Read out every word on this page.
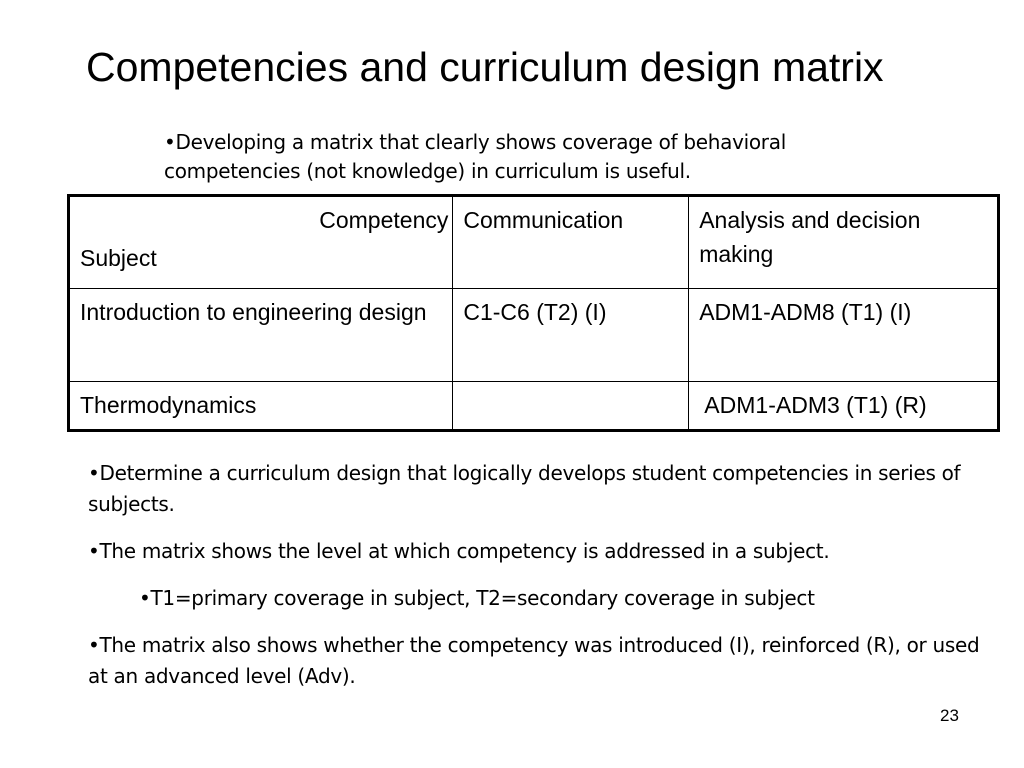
Competencies and curriculum design matrix
•Developing a matrix that clearly shows coverage of behavioral competencies (not knowledge) in curriculum is useful.
Competency
Subject	Communication	Analysis and decision making
Introduction to engineering design	C1-C6 (T2) (I)	ADM1-ADM8 (T1) (I)
Thermodynamics		ADM1-ADM3 (T1) (R)

•Determine a curriculum design that logically develops student competencies in series of subjects.

•The matrix shows the level at which competency is addressed in a subject.

•T1=primary coverage in subject, T2=secondary coverage in subject

•The matrix also shows whether the competency was introduced (I), reinforced (R), or used at an advanced level (Adv).

23
